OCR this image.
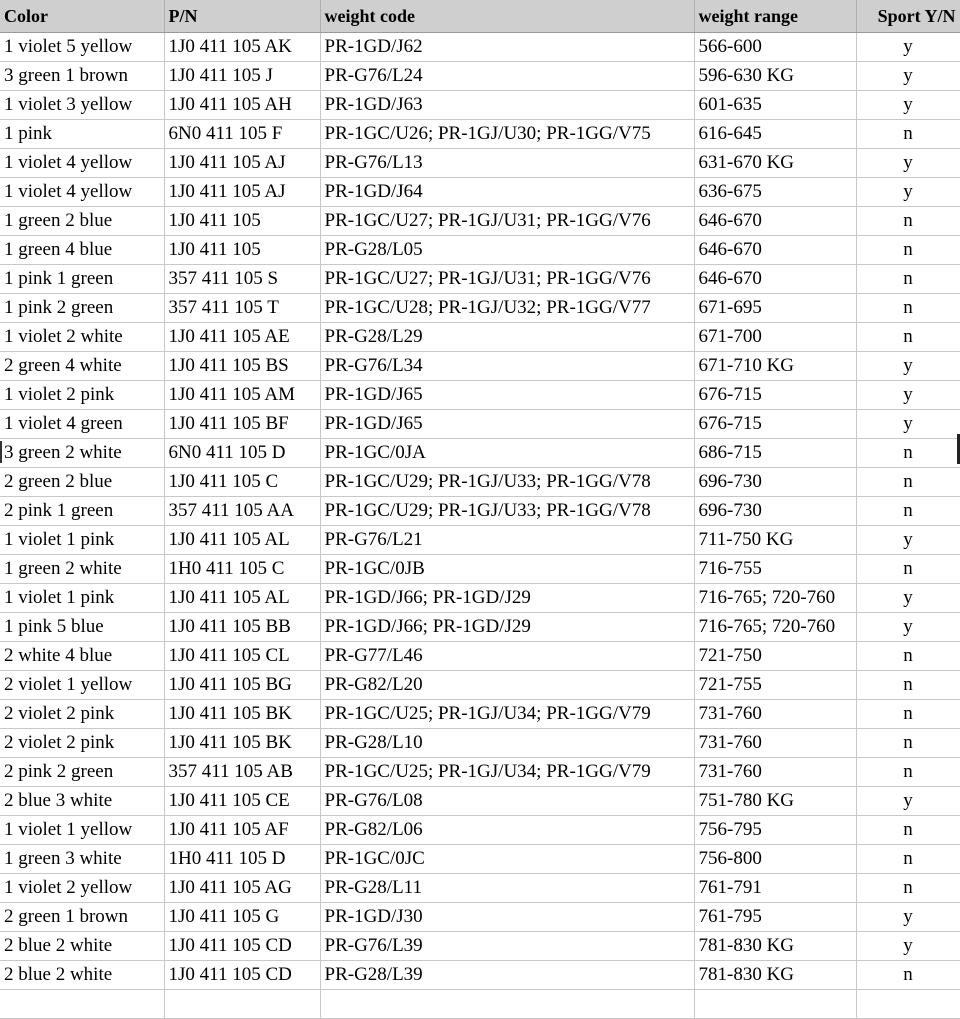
Color	P/N	weight code	weight range	Sport Y/N
1 violet 5 yellow	1J0 411 105 AK	PR-1GD/J62	566-600	y
3 green 1 brown	1J0 411 105 J	PR-G76/L24	596-630 KG	y
1 violet 3 yellow	1J0 411 105 AH	PR-1GD/J63	601-635	y
1 pink	6N0 411 105 F	PR-1GC/U26; PR-1GJ/U30; PR-1GG/V75	616-645	n
1 violet 4 yellow	1J0 411 105 AJ	PR-G76/L13	631-670 KG	y
1 violet 4 yellow	1J0 411 105 AJ	PR-1GD/J64	636-675	y
1 green 2 blue	1J0 411 105	PR-1GC/U27; PR-1GJ/U31; PR-1GG/V76	646-670	n
1 green 4 blue	1J0 411 105	PR-G28/L05	646-670	n
1 pink 1 green	357 411 105 S	PR-1GC/U27; PR-1GJ/U31; PR-1GG/V76	646-670	n
1 pink 2 green	357 411 105 T	PR-1GC/U28; PR-1GJ/U32; PR-1GG/V77	671-695	n
1 violet 2 white	1J0 411 105 AE	PR-G28/L29	671-700	n
2 green 4 white	1J0 411 105 BS	PR-G76/L34	671-710 KG	y
1 violet 2 pink	1J0 411 105 AM	PR-1GD/J65	676-715	y
1 violet 4 green	1J0 411 105 BF	PR-1GD/J65	676-715	y
3 green 2 white	6N0 411 105 D	PR-1GC/0JA	686-715	n
2 green 2 blue	1J0 411 105 C	PR-1GC/U29; PR-1GJ/U33; PR-1GG/V78	696-730	n
2 pink 1 green	357 411 105 AA	PR-1GC/U29; PR-1GJ/U33; PR-1GG/V78	696-730	n
1 violet 1 pink	1J0 411 105 AL	PR-G76/L21	711-750 KG	y
1 green 2 white	1H0 411 105 C	PR-1GC/0JB	716-755	n
1 violet 1 pink	1J0 411 105 AL	PR-1GD/J66; PR-1GD/J29	716-765; 720-760	y
1 pink 5 blue	1J0 411 105 BB	PR-1GD/J66; PR-1GD/J29	716-765; 720-760	y
2 white 4 blue	1J0 411 105 CL	PR-G77/L46	721-750	n
2 violet 1 yellow	1J0 411 105 BG	PR-G82/L20	721-755	n
2 violet 2 pink	1J0 411 105 BK	PR-1GC/U25; PR-1GJ/U34; PR-1GG/V79	731-760	n
2 violet 2 pink	1J0 411 105 BK	PR-G28/L10	731-760	n
2 pink 2 green	357 411 105 AB	PR-1GC/U25; PR-1GJ/U34; PR-1GG/V79	731-760	n
2 blue 3 white	1J0 411 105 CE	PR-G76/L08	751-780 KG	y
1 violet 1 yellow	1J0 411 105 AF	PR-G82/L06	756-795	n
1 green 3 white	1H0 411 105 D	PR-1GC/0JC	756-800	n
1 violet 2 yellow	1J0 411 105 AG	PR-G28/L11	761-791	n
2 green 1 brown	1J0 411 105 G	PR-1GD/J30	761-795	y
2 blue 2 white	1J0 411 105 CD	PR-G76/L39	781-830 KG	y
2 blue 2 white	1J0 411 105 CD	PR-G28/L39	781-830 KG	n
